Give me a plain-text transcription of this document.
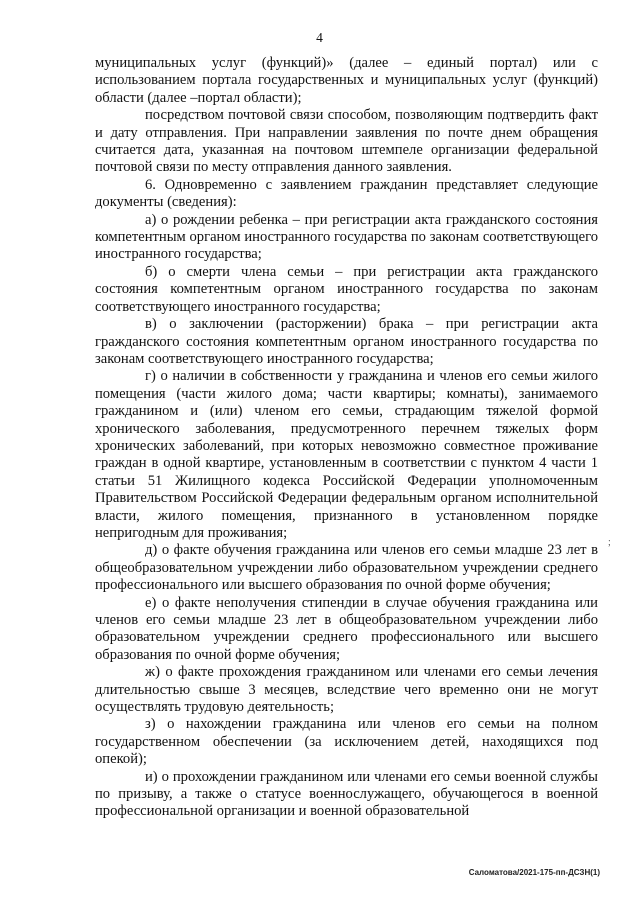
4

муниципальных услуг (функций)» (далее – единый портал) или с использованием портала государственных и муниципальных услуг (функций) области (далее –портал области);

посредством почтовой связи способом, позволяющим подтвердить факт и дату отправления. При направлении заявления по почте днем обращения считается дата, указанная на почтовом штемпеле организации федеральной почтовой связи по месту отправления данного заявления.

6. Одновременно с заявлением гражданин представляет следующие документы (сведения):

а) о рождении ребенка – при регистрации акта гражданского состояния компетентным органом иностранного государства по законам соответствующего иностранного государства;

б) о смерти члена семьи – при регистрации акта гражданского состояния компетентным органом иностранного государства по законам соответствующего иностранного государства;

в) о заключении (расторжении) брака – при регистрации акта гражданского состояния компетентным органом иностранного государства по законам соответствующего иностранного государства;

г) о наличии в собственности у гражданина и членов его семьи жилого помещения (части жилого дома; части квартиры; комнаты), занимаемого гражданином и (или) членом его семьи, страдающим тяжелой формой хронического заболевания, предусмотренного перечнем тяжелых форм хронических заболеваний, при которых невозможно совместное проживание граждан в одной квартире, установленным в соответствии с пунктом 4 части 1 статьи 51 Жилищного кодекса Российской Федерации уполномоченным Правительством Российской Федерации федеральным органом исполнительной власти, жилого помещения, признанного в установленном порядке непригодным для проживания;

д) о факте обучения гражданина или членов его семьи младше 23 лет в общеобразовательном учреждении либо образовательном учреждении среднего профессионального или высшего образования по очной форме обучения;

е) о факте неполучения стипендии в случае обучения гражданина или членов его семьи младше 23 лет в общеобразовательном учреждении либо образовательном учреждении среднего профессионального или высшего образования по очной форме обучения;

ж) о факте прохождения гражданином или членами его семьи лечения длительностью свыше 3 месяцев, вследствие чего временно они не могут осуществлять трудовую деятельность;

з) о нахождении гражданина или членов его семьи на полном государственном обеспечении (за исключением детей, находящихся под опекой);

и) о прохождении гражданином или членами его семьи военной службы по призыву, а также о статусе военнослужащего, обучающегося в военной профессиональной организации и военной образовательной

;
Саломатова/2021-175-пп-ДСЗН(1)
